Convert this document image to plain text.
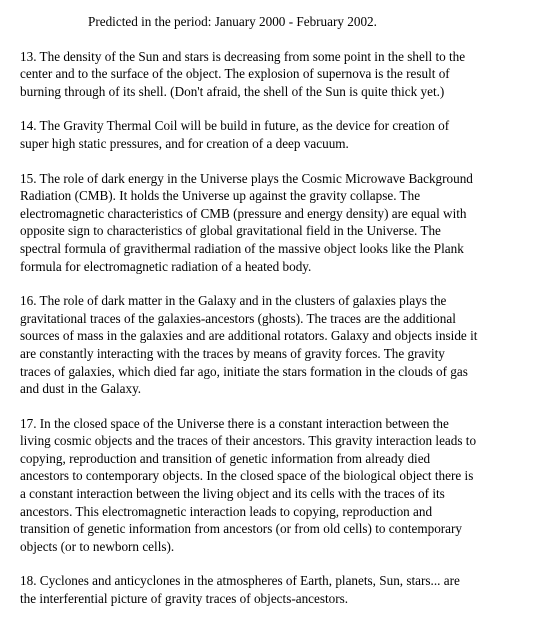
Predicted in the period: January 2000 - February 2002.
13. The density of the Sun and stars is decreasing from some point in the shell to the
center and to the surface of the object. The explosion of supernova is the result of
burning through of its shell. (Don't afraid, the shell of the Sun is quite thick yet.)
14. The Gravity Thermal Coil will be build in future, as the device for creation of
super high static pressures, and for creation of a deep vacuum.
15. The role of dark energy in the Universe plays the Cosmic Microwave Background
Radiation (CMB). It holds the Universe up against the gravity collapse. The
electromagnetic characteristics of CMB (pressure and energy density) are equal with
opposite sign to characteristics of global gravitational field in the Universe. The
spectral formula of gravithermal radiation of the massive object looks like the Plank
formula for electromagnetic radiation of a heated body.
16. The role of dark matter in the Galaxy and in the clusters of galaxies plays the
gravitational traces of the galaxies-ancestors (ghosts). The traces are the additional
sources of mass in the galaxies and are additional rotators. Galaxy and objects inside it
are constantly interacting with the traces by means of gravity forces. The gravity
traces of galaxies, which died far ago, initiate the stars formation in the clouds of gas
and dust in the Galaxy.
17. In the closed space of the Universe there is a constant interaction between the
living cosmic objects and the traces of their ancestors. This gravity interaction leads to
copying, reproduction and transition of genetic information from already died
ancestors to contemporary objects. In the closed space of the biological object there is
a constant interaction between the living object and its cells with the traces of its
ancestors. This electromagnetic interaction leads to copying, reproduction and
transition of genetic information from ancestors (or from old cells) to contemporary
objects (or to newborn cells).
18. Cyclones and anticyclones in the atmospheres of Earth, planets, Sun, stars... are
the interferential picture of gravity traces of objects-ancestors.
